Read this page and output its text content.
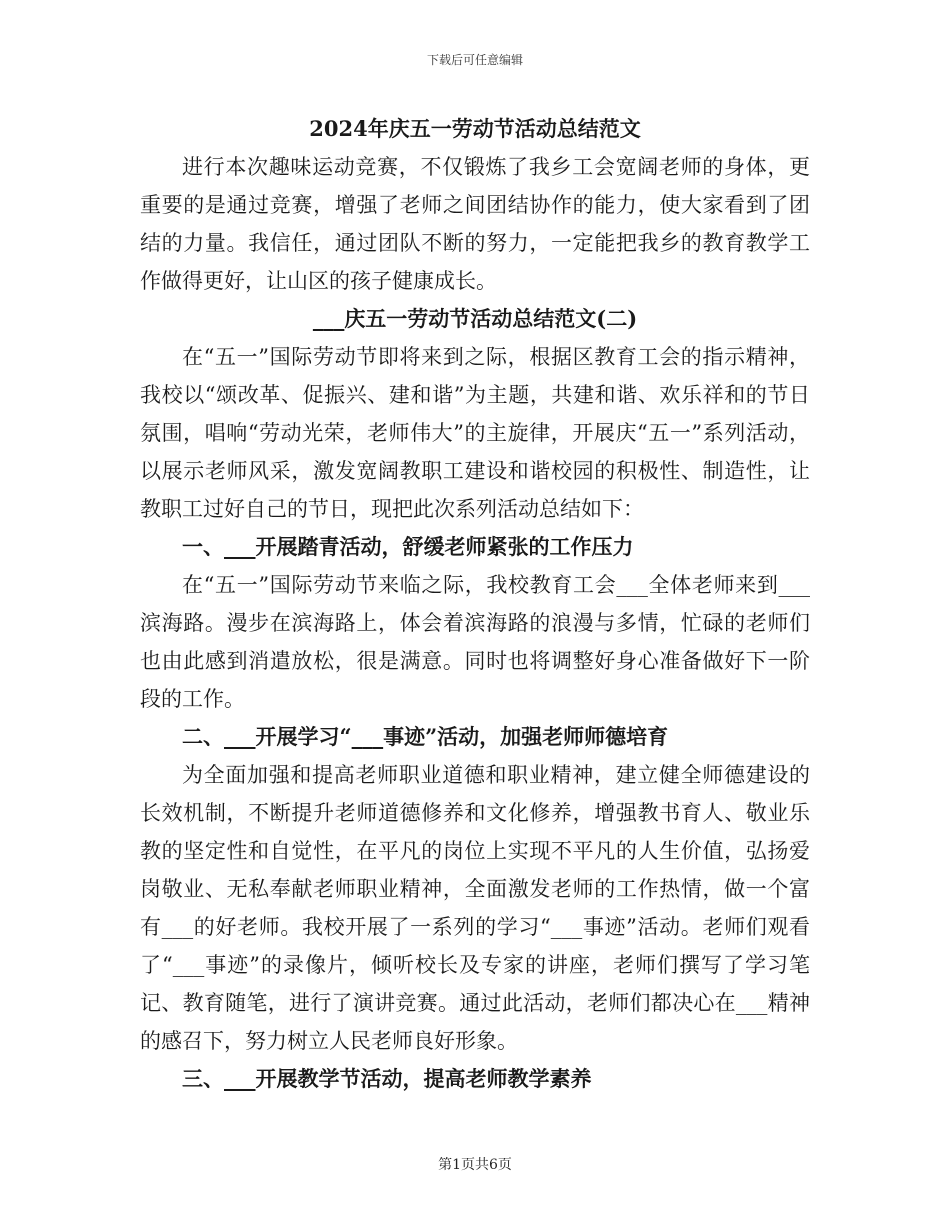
下载后可任意编辑

2024年庆五一劳动节活动总结范文

进行本次趣味运动竞赛，不仅锻炼了我乡工会宽阔老师的身体，更重要的是通过竞赛，增强了老师之间团结协作的能力，使大家看到了团结的力量。我信任，通过团队不断的努力，一定能把我乡的教育教学工作做得更好，让山区的孩子健康成长。

___庆五一劳动节活动总结范文(二)

在“五一”国际劳动节即将来到之际，根据区教育工会的指示精神，我校以“颂改革、促振兴、建和谐”为主题，共建和谐、欢乐祥和的节日氛围，唱响“劳动光荣，老师伟大”的主旋律，开展庆“五一”系列活动，以展示老师风采，激发宽阔教职工建设和谐校园的积极性、制造性，让教职工过好自己的节日，现把此次系列活动总结如下：

一、___开展踏青活动，舒缓老师紧张的工作压力

在“五一”国际劳动节来临之际，我校教育工会___全体老师来到___滨海路。漫步在滨海路上，体会着滨海路的浪漫与多情，忙碌的老师们也由此感到消遣放松，很是满意。同时也将调整好身心准备做好下一阶段的工作。

二、___开展学习“___事迹”活动，加强老师师德培育

为全面加强和提高老师职业道德和职业精神，建立健全师德建设的长效机制，不断提升老师道德修养和文化修养，增强教书育人、敬业乐教的坚定性和自觉性，在平凡的岗位上实现不平凡的人生价值，弘扬爱岗敬业、无私奉献老师职业精神，全面激发老师的工作热情，做一个富有___的好老师。我校开展了一系列的学习“___事迹”活动。老师们观看了“___事迹”的录像片，倾听校长及专家的讲座，老师们撰写了学习笔记、教育随笔，进行了演讲竞赛。通过此活动，老师们都决心在___精神的感召下，努力树立人民老师良好形象。

三、___开展教学节活动，提高老师教学素养

第1页共6页
